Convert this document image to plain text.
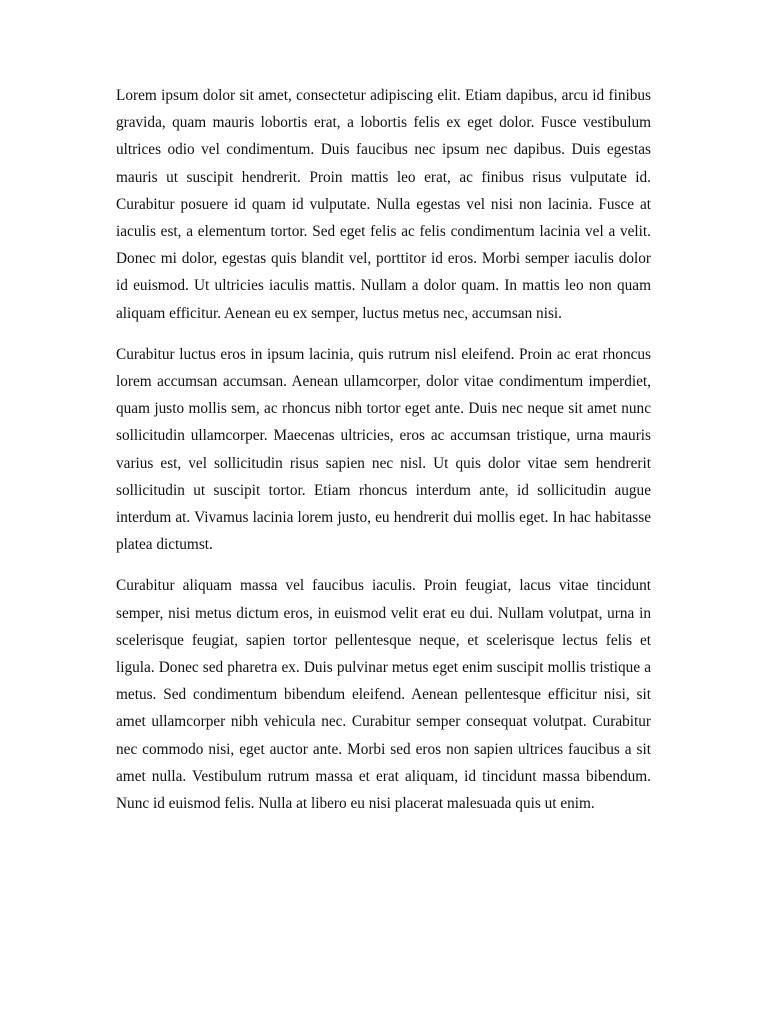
Lorem ipsum dolor sit amet, consectetur adipiscing elit. Etiam dapibus, arcu id finibus gravida, quam mauris lobortis erat, a lobortis felis ex eget dolor. Fusce vestibulum ultrices odio vel condimentum. Duis faucibus nec ipsum nec dapibus. Duis egestas mauris ut suscipit hendrerit. Proin mattis leo erat, ac finibus risus vulputate id. Curabitur posuere id quam id vulputate. Nulla egestas vel nisi non lacinia. Fusce at iaculis est, a elementum tortor. Sed eget felis ac felis condimentum lacinia vel a velit. Donec mi dolor, egestas quis blandit vel, porttitor id eros. Morbi semper iaculis dolor id euismod. Ut ultricies iaculis mattis. Nullam a dolor quam. In mattis leo non quam aliquam efficitur. Aenean eu ex semper, luctus metus nec, accumsan nisi.

Curabitur luctus eros in ipsum lacinia, quis rutrum nisl eleifend. Proin ac erat rhoncus lorem accumsan accumsan. Aenean ullamcorper, dolor vitae condimentum imperdiet, quam justo mollis sem, ac rhoncus nibh tortor eget ante. Duis nec neque sit amet nunc sollicitudin ullamcorper. Maecenas ultricies, eros ac accumsan tristique, urna mauris varius est, vel sollicitudin risus sapien nec nisl. Ut quis dolor vitae sem hendrerit sollicitudin ut suscipit tortor. Etiam rhoncus interdum ante, id sollicitudin augue interdum at. Vivamus lacinia lorem justo, eu hendrerit dui mollis eget. In hac habitasse platea dictumst.

Curabitur aliquam massa vel faucibus iaculis. Proin feugiat, lacus vitae tincidunt semper, nisi metus dictum eros, in euismod velit erat eu dui. Nullam volutpat, urna in scelerisque feugiat, sapien tortor pellentesque neque, et scelerisque lectus felis et ligula. Donec sed pharetra ex. Duis pulvinar metus eget enim suscipit mollis tristique a metus. Sed condimentum bibendum eleifend. Aenean pellentesque efficitur nisi, sit amet ullamcorper nibh vehicula nec. Curabitur semper consequat volutpat. Curabitur nec commodo nisi, eget auctor ante. Morbi sed eros non sapien ultrices faucibus a sit amet nulla. Vestibulum rutrum massa et erat aliquam, id tincidunt massa bibendum. Nunc id euismod felis. Nulla at libero eu nisi placerat malesuada quis ut enim.
